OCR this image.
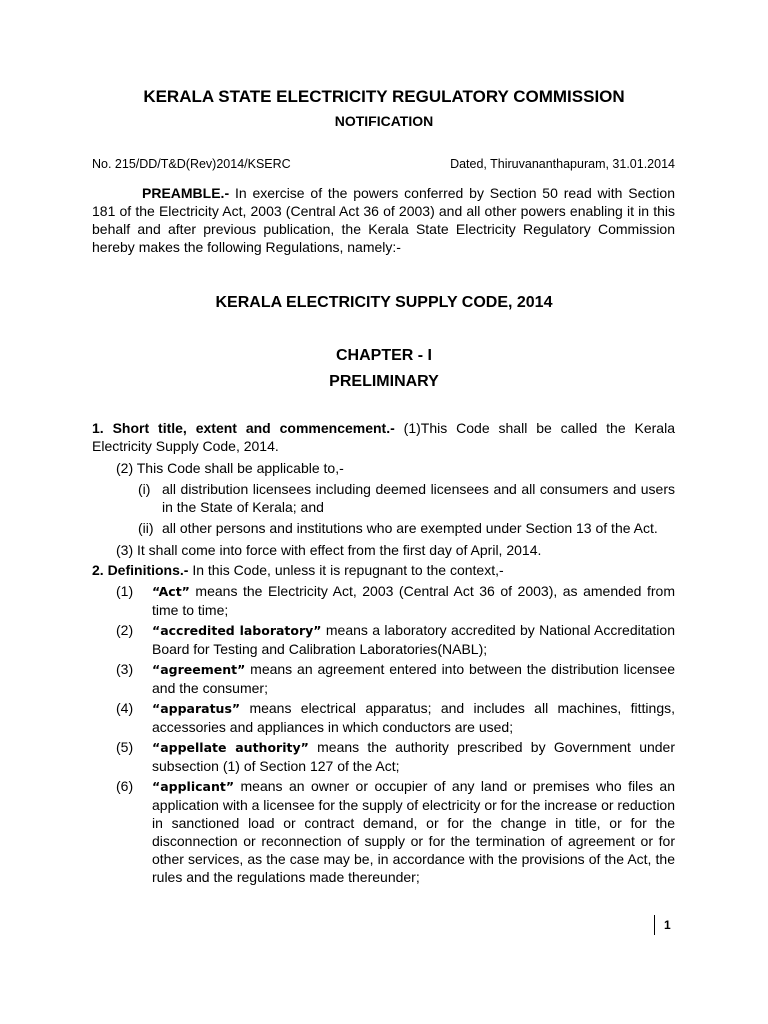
KERALA STATE ELECTRICITY REGULATORY COMMISSION
NOTIFICATION
No. 215/DD/T&D(Rev)2014/KSERC	Dated, Thiruvananthapuram, 31.01.2014
PREAMBLE.- In exercise of the powers conferred by Section 50 read with Section 181 of the Electricity Act, 2003 (Central Act 36 of 2003) and all other powers enabling it in this behalf and after previous publication, the Kerala State Electricity Regulatory Commission hereby makes the following Regulations, namely:-
KERALA ELECTRICITY SUPPLY CODE, 2014
CHAPTER - I
PRELIMINARY
1. Short title, extent and commencement.- (1)This Code shall be called the Kerala Electricity Supply Code, 2014.
(2) This Code shall be applicable to,-
(i) all distribution licensees including deemed licensees and all consumers and users in the State of Kerala; and
(ii) all other persons and institutions who are exempted under Section 13 of the Act.
(3) It shall come into force with effect from the first day of April, 2014.
2. Definitions.- In this Code, unless it is repugnant to the context,-
(1) “Act” means the Electricity Act, 2003 (Central Act 36 of 2003), as amended from time to time;
(2) “accredited laboratory” means a laboratory accredited by National Accreditation Board for Testing and Calibration Laboratories(NABL);
(3) “agreement” means an agreement entered into between the distribution licensee and the consumer;
(4) “apparatus” means electrical apparatus; and includes all machines, fittings, accessories and appliances in which conductors are used;
(5) “appellate authority” means the authority prescribed by Government under subsection (1) of Section 127 of the Act;
(6) “applicant” means an owner or occupier of any land or premises who files an application with a licensee for the supply of electricity or for the increase or reduction in sanctioned load or contract demand, or for the change in title, or for the disconnection or reconnection of supply or for the termination of agreement or for other services, as the case may be, in accordance with the provisions of the Act, the rules and the regulations made thereunder;
1
